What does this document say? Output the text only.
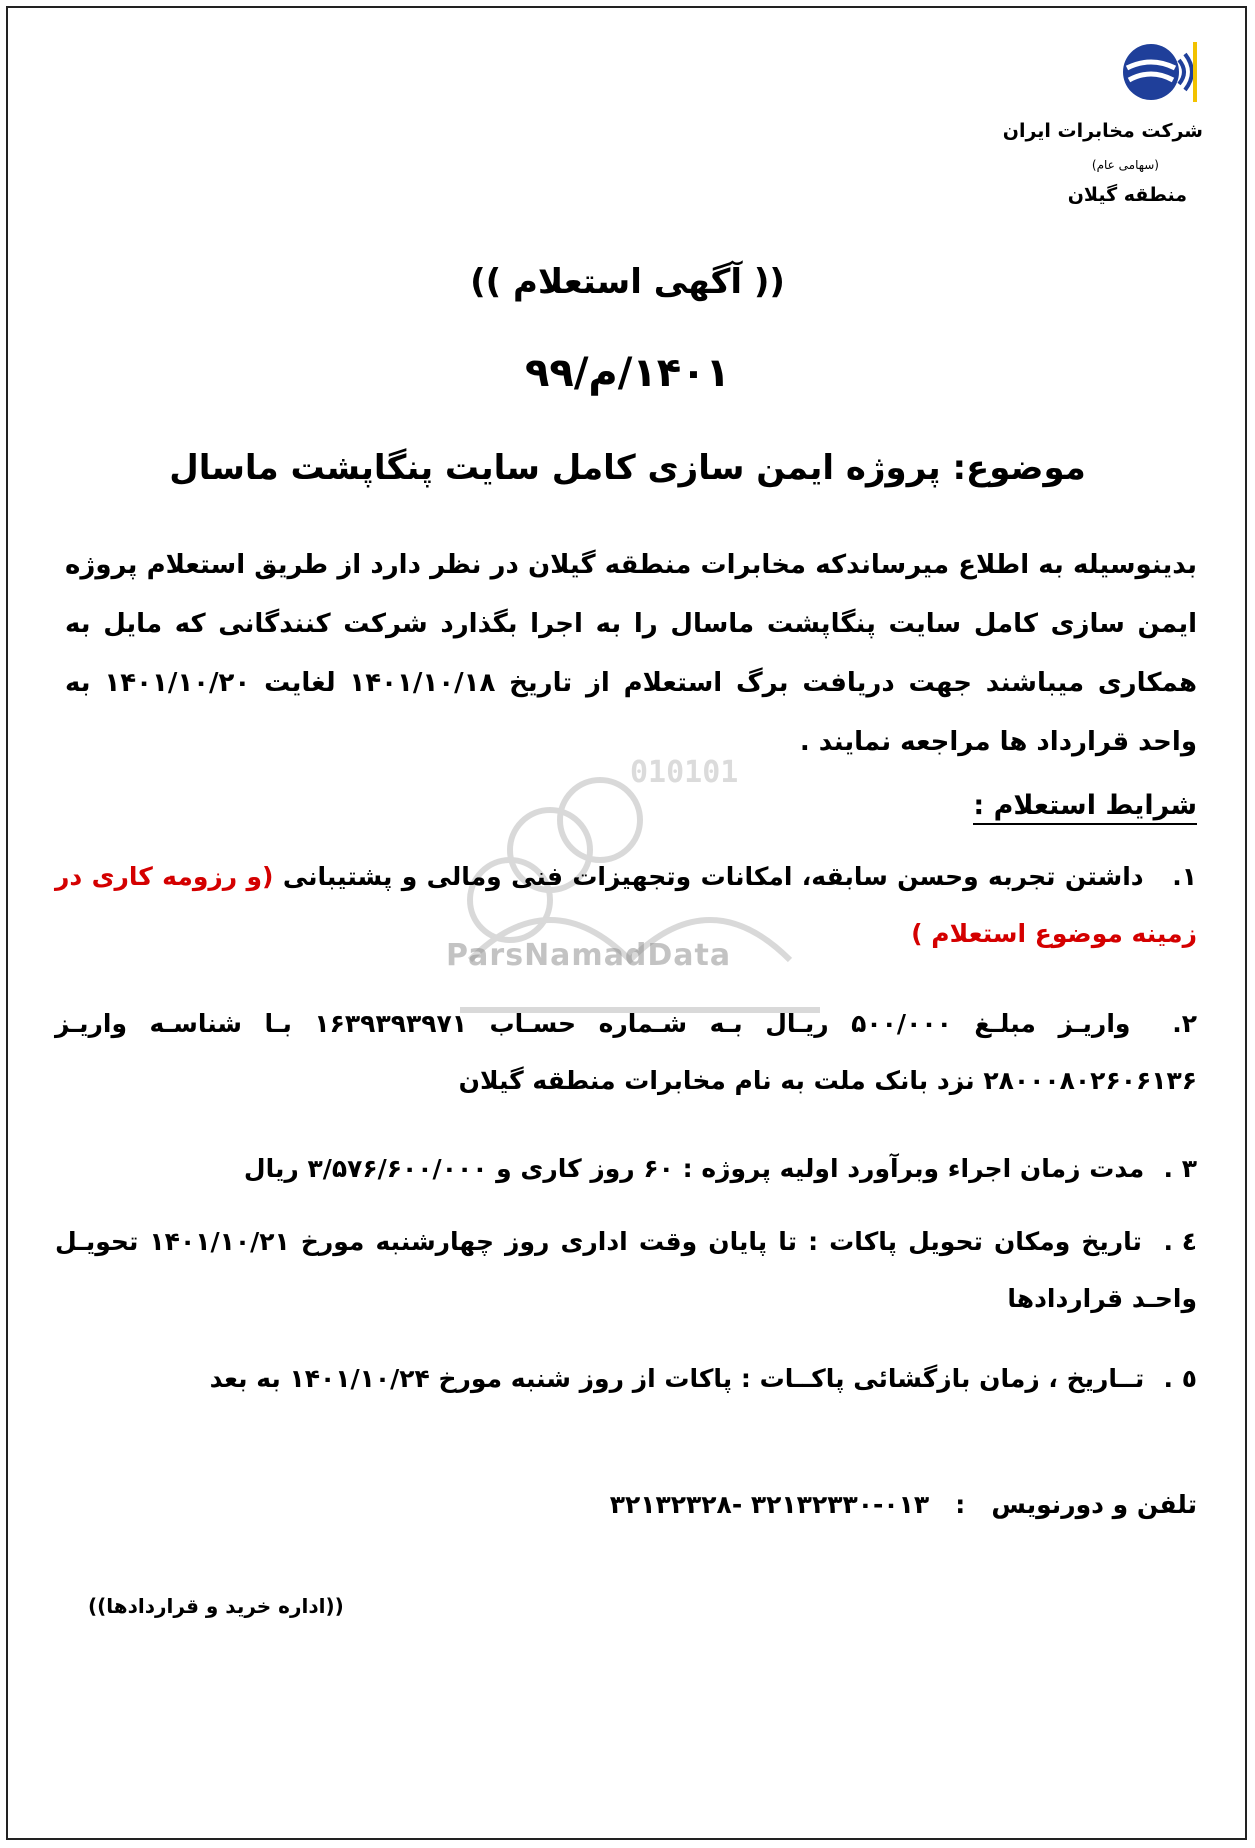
010101
ParsNamadData
شرکت مخابرات ایران
(سهامی عام)
منطقه گیلان
(( آگهی استعلام ))
۱۴۰۱/م/۹۹
موضوع: پروژه ایمن سازی کامل سایت پنگاپشت ماسال
بدینوسیله به اطلاع میرساندکه مخابرات منطقه گیلان در نظر دارد از طریق استعلام پروژه ایمن سازی کامل سایت پنگاپشت ماسال را به اجرا بگذارد شرکت کنندگانی که مایل به همکاری میباشند جهت دریافت برگ استعلام از تاریخ ۱۴۰۱/۱۰/۱۸ لغایت ۱۴۰۱/۱۰/۲۰ به واحد قرارداد ها مراجعه نمایند .
شرایط استعلام :
۱. داشتن تجربه وحسن سابقه، امکانات وتجهیزات فنی ومالی و پشتیبانی (و رزومه کاری در زمینه موضوع استعلام )
۲. واریـز مبلـغ ۵۰۰/۰۰۰ ریـال بـه شـماره حسـاب ۱۶۳۹۳۹۳۹۷۱ بـا شناسـه واریـز ۲۸۰۰۰۸۰۲۶۰۶۱۳۶ نزد بانک ملت به نام مخابرات منطقه گیلان
۳ . مدت زمان اجراء وبرآورد اولیه پروژه : ۶۰ روز کاری و ۳/۵۷۶/۶۰۰/۰۰۰ ریال
٤ . تاریخ ومکان تحویل پاکات : تا پایان وقت اداری روز چهارشنبه مورخ ۱۴۰۱/۱۰/۲۱ تحویـل واحـد قراردادها
٥ . تــاریخ ، زمان بازگشائی پاکــات : پاکات از روز شنبه مورخ ۱۴۰۱/۱۰/۲۴ به بعد
تلفن و دورنویس   :   ۰۱۳-۳۲۱۳۲۳۳۰ -۳۲۱۳۲۳۲۸
((اداره خرید و قراردادها))
